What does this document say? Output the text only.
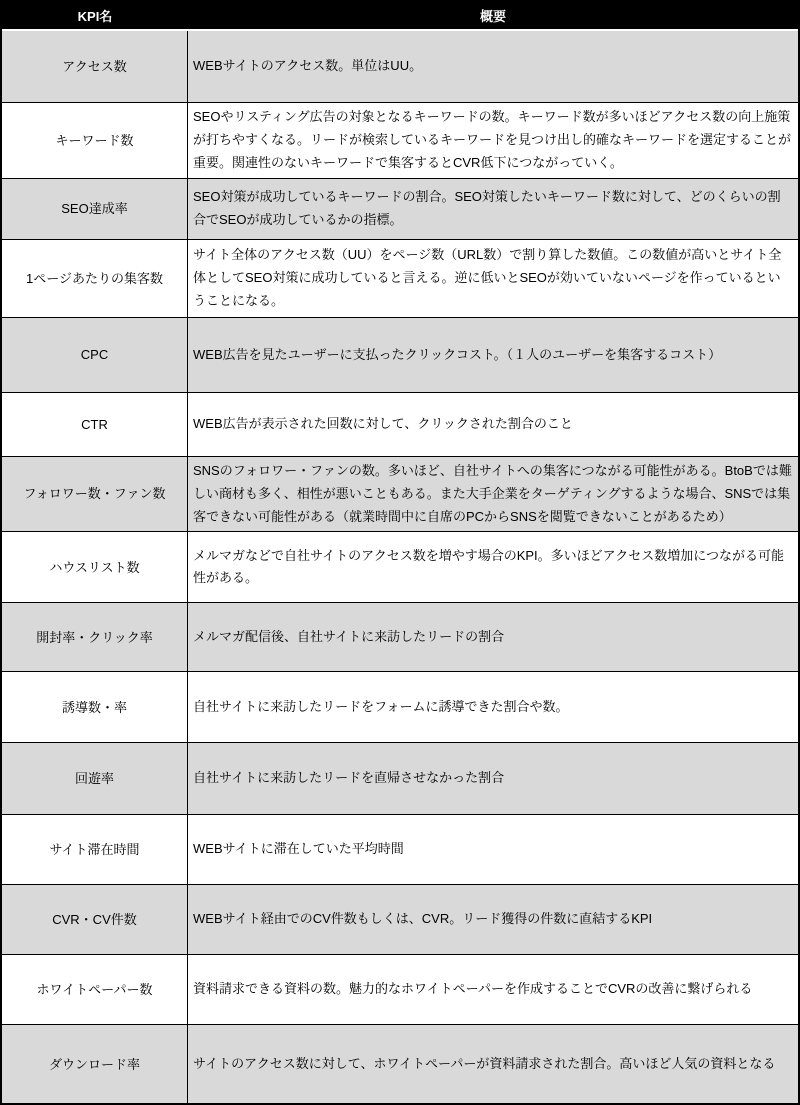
KPI名	概要
アクセス数	WEBサイトのアクセス数。単位はUU。
キーワード数	SEOやリスティング広告の対象となるキーワードの数。キーワード数が多いほどアクセス数の向上施策が打ちやすくなる。リードが検索しているキーワードを見つけ出し的確なキーワードを選定することが重要。関連性のないキーワードで集客するとCVR低下につながっていく。
SEO達成率	SEO対策が成功しているキーワードの割合。SEO対策したいキーワード数に対して、どのくらいの割合でSEOが成功しているかの指標。
1ページあたりの集客数	サイト全体のアクセス数（UU）をページ数（URL数）で割り算した数値。この数値が高いとサイト全体としてSEO対策に成功していると言える。逆に低いとSEOが効いていないページを作っているということになる。
CPC	WEB広告を見たユーザーに支払ったクリックコスト。（１人のユーザーを集客するコスト）
CTR	WEB広告が表示された回数に対して、クリックされた割合のこと
フォロワー数・ファン数	SNSのフォロワー・ファンの数。多いほど、自社サイトへの集客につながる可能性がある。BtoBでは難しい商材も多く、相性が悪いこともある。また大手企業をターゲティングするような場合、SNSでは集客できない可能性がある（就業時間中に自席のPCからSNSを閲覧できないことがあるため）
ハウスリスト数	メルマガなどで自社サイトのアクセス数を増やす場合のKPI。多いほどアクセス数増加につながる可能性がある。
開封率・クリック率	メルマガ配信後、自社サイトに来訪したリードの割合
誘導数・率	自社サイトに来訪したリードをフォームに誘導できた割合や数。
回遊率	自社サイトに来訪したリードを直帰させなかった割合
サイト滞在時間	WEBサイトに滞在していた平均時間
CVR・CV件数	WEBサイト経由でのCV件数もしくは、CVR。リード獲得の件数に直結するKPI
ホワイトペーパー数	資料請求できる資料の数。魅力的なホワイトペーパーを作成することでCVRの改善に繋げられる
ダウンロード率	サイトのアクセス数に対して、ホワイトペーパーが資料請求された割合。高いほど人気の資料となる
